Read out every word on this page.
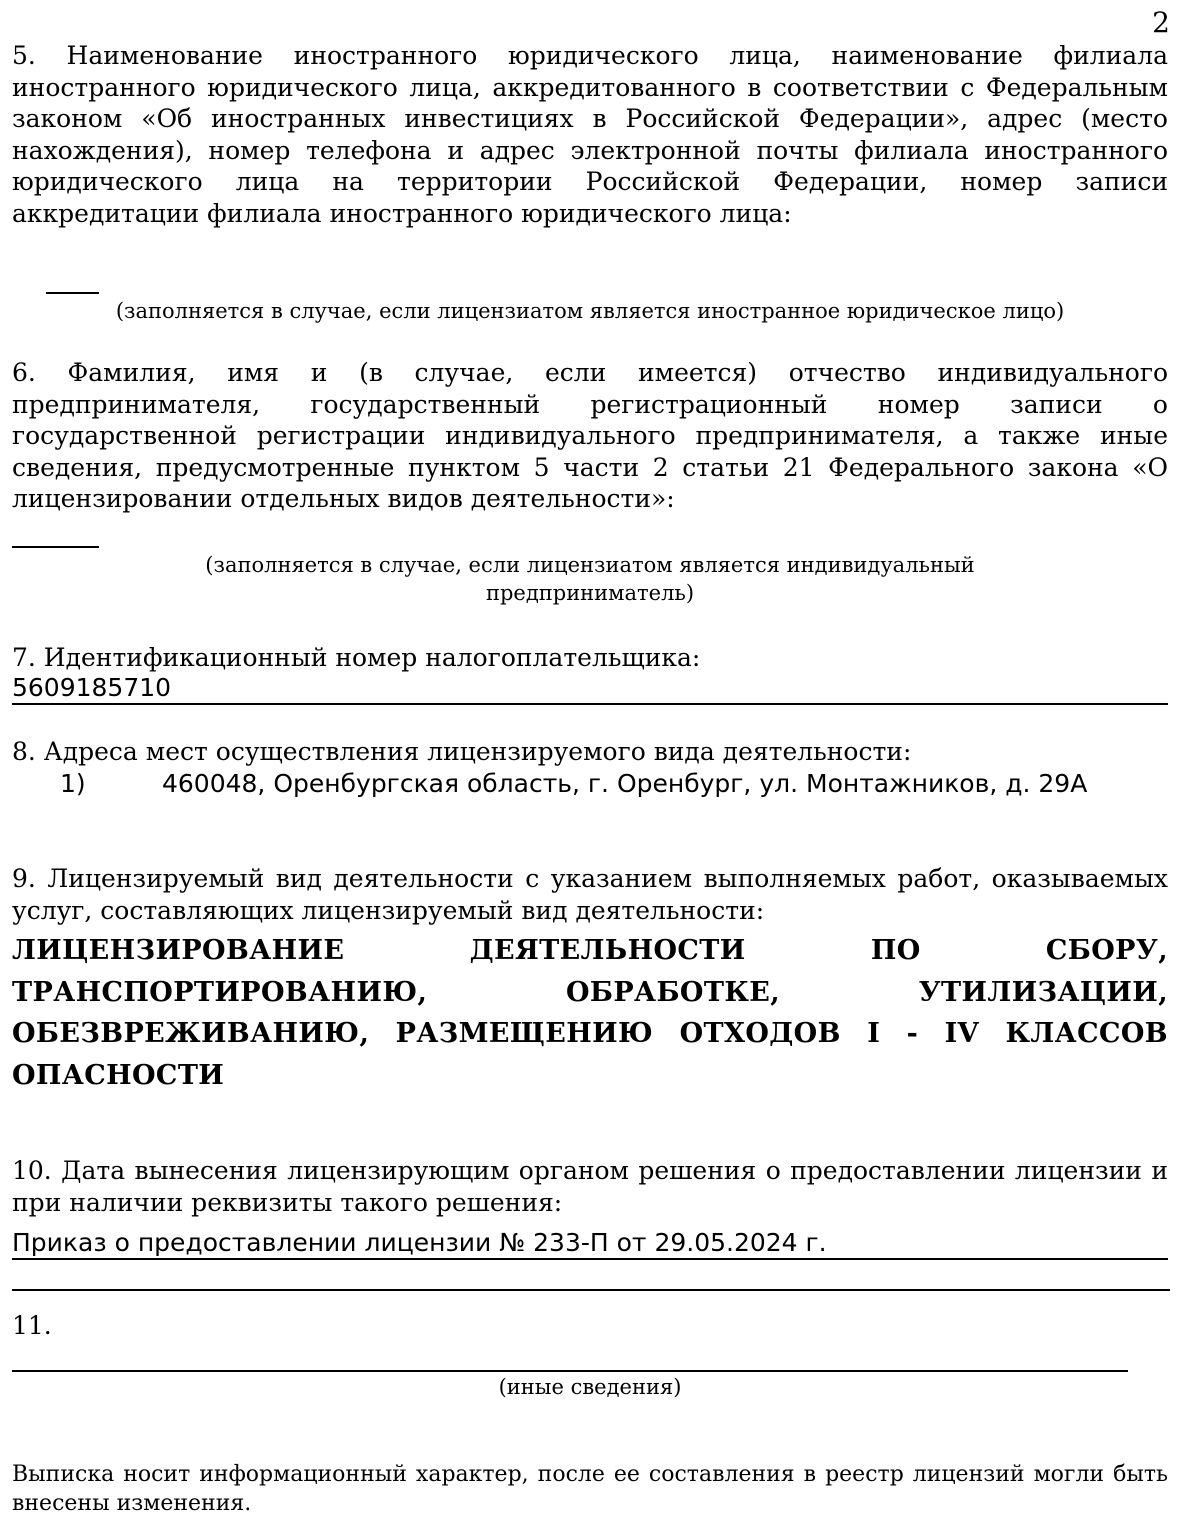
2

5. Наименование иностранного юридического лица, наименование филиала иностранного юридического лица, аккредитованного в соответствии с Федеральным законом «Об иностранных инвестициях в Российской Федерации», адрес (место нахождения), номер телефона и адрес электронной почты филиала иностранного юридического лица на территории Российской Федерации, номер записи аккредитации филиала иностранного юридического лица:

(заполняется в случае, если лицензиатом является иностранное юридическое лицо)

6. Фамилия, имя и (в случае, если имеется) отчество индивидуального предпринимателя, государственный регистрационный номер записи о государственной регистрации индивидуального предпринимателя, а также иные сведения, предусмотренные пунктом 5 части 2 статьи 21 Федерального закона «О лицензировании отдельных видов деятельности»:

(заполняется в случае, если лицензиатом является индивидуальный

предприниматель)

7. Идентификационный номер налогоплательщика:

5609185710

8. Адреса мест осуществления лицензируемого вида деятельности:

1)	460048, Оренбургская область, г. Оренбург, ул. Монтажников, д. 29А

9. Лицензируемый вид деятельности с указанием выполняемых работ, оказываемых услуг, составляющих лицензируемый вид деятельности:

ЛИЦЕНЗИРОВАНИЕ ДЕЯТЕЛЬНОСТИ ПО СБОРУ, ТРАНСПОРТИРОВАНИЮ, ОБРАБОТКЕ, УТИЛИЗАЦИИ, ОБЕЗВРЕЖИВАНИЮ, РАЗМЕЩЕНИЮ ОТХОДОВ I - IV КЛАССОВ ОПАСНОСТИ

10. Дата вынесения лицензирующим органом решения о предоставлении лицензии и при наличии реквизиты такого решения:

Приказ о предоставлении лицензии № 233-П от 29.05.2024 г.

11.

(иные сведения)

Выписка носит информационный характер, после ее составления в реестр лицензий могли быть внесены изменения.
